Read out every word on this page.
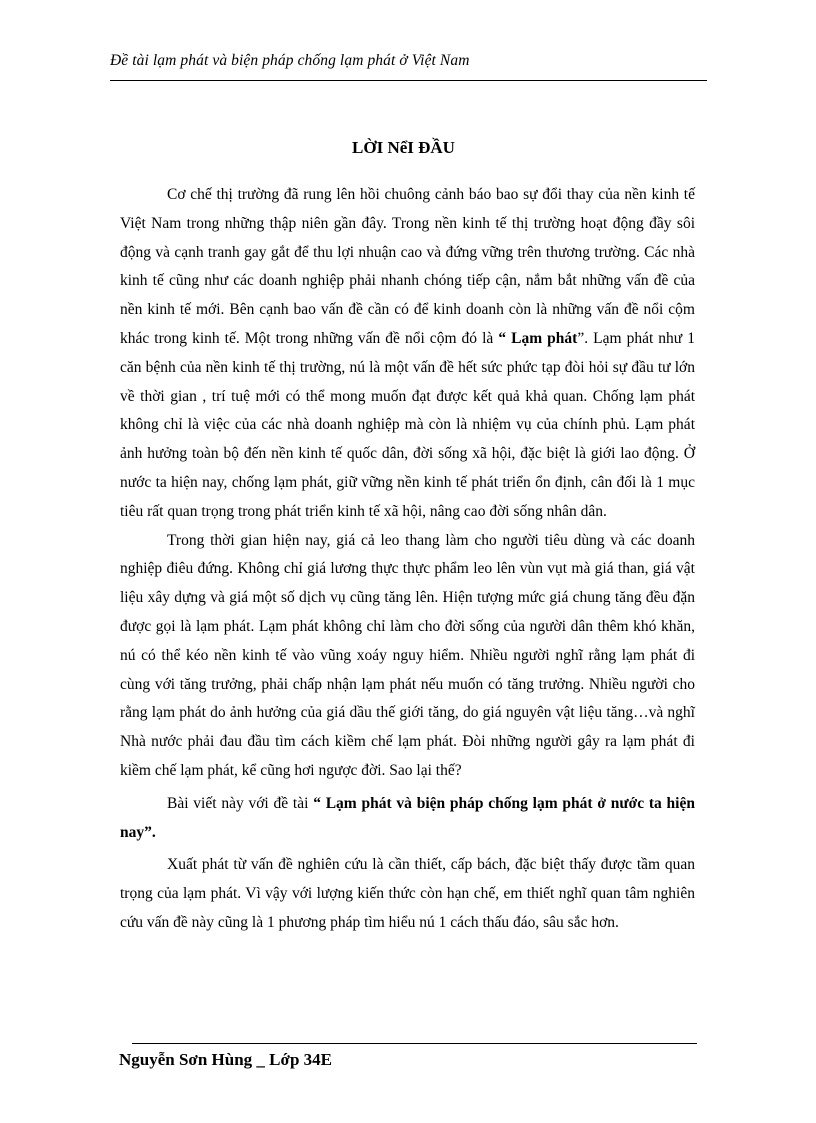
Đề tài lạm phát và biện pháp chống lạm phát ở Việt Nam
LỜI NểI ĐẦU

Cơ chế thị trường đã rung lên hồi chuông cảnh báo bao sự đổi thay của nền kinh tế Việt Nam trong những thập niên gần đây. Trong nền kinh tế thị trường hoạt động đầy sôi động và cạnh tranh gay gắt để thu lợi nhuận cao và đứng vững trên thương trường. Các nhà kinh tế cũng như các doanh nghiệp phải nhanh chóng tiếp cận, nắm bắt những vấn đề của nền kinh tế mới. Bên cạnh bao vấn đề cần có để kinh doanh còn là những vấn đề nổi cộm khác trong kinh tế. Một trong những vấn đề nổi cộm đó là “ Lạm phát”. Lạm phát như 1 căn bệnh của nền kinh tế thị trường, nú là một vấn đề hết sức phức tạp đòi hỏi sự đầu tư lớn về thời gian , trí tuệ mới có thể mong muốn đạt được kết quả khả quan. Chống lạm phát không chỉ là việc của các nhà doanh nghiệp mà còn là nhiệm vụ của chính phủ. Lạm phát ảnh hưởng toàn bộ đến nền kinh tế quốc dân, đời sống xã hội, đặc biệt là giới lao động. Ở nước ta hiện nay, chống lạm phát, giữ vững nền kinh tế phát triển ổn định, cân đối là 1 mục tiêu rất quan trọng trong phát triển kinh tế xã hội, nâng cao đời sống nhân dân.

Trong thời gian hiện nay, giá cả leo thang làm cho người tiêu dùng và các doanh nghiệp điêu đứng. Không chỉ giá lương thực thực phẩm leo lên vùn vụt mà giá than, giá vật liệu xây dựng và giá một số dịch vụ cũng tăng lên. Hiện tượng mức giá chung tăng đều đặn được gọi là lạm phát. Lạm phát không chỉ làm cho đời sống của người dân thêm khó khăn, nú có thể kéo nền kinh tế vào vũng xoáy nguy hiểm. Nhiều người nghĩ rằng lạm phát đi cùng với tăng trưởng, phải chấp nhận lạm phát nếu muốn có tăng trưởng. Nhiều người cho rằng lạm phát do ảnh hưởng của giá dầu thế giới tăng, do giá nguyên vật liệu tăng…và nghĩ Nhà nước phải đau đầu tìm cách kiềm chế lạm phát. Đòi những người gây ra lạm phát đi kiềm chế lạm phát, kể cũng hơi ngược đời. Sao lại thế?

Bài viết này với đề tài “ Lạm phát và biện pháp chống lạm phát ở nước ta hiện nay”.

Xuất phát từ vấn đề nghiên cứu là cần thiết, cấp bách, đặc biệt thấy được tầm quan trọng của lạm phát. Vì vậy với lượng kiến thức còn hạn chế, em thiết nghĩ quan tâm nghiên cứu vấn đề này cũng là 1 phương pháp tìm hiểu nú 1 cách thấu đáo, sâu sắc hơn.

Nguyễn Sơn Hùng _ Lớp 34E
